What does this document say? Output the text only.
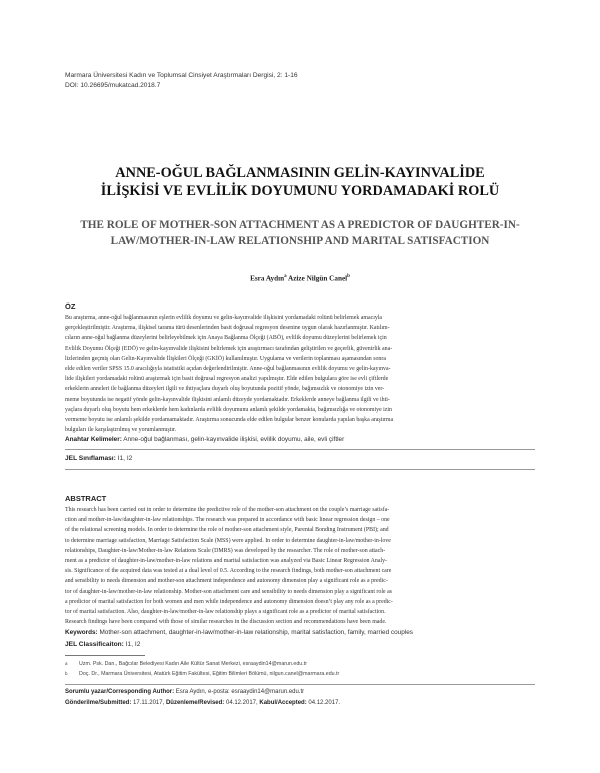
Marmara Üniversitesi Kadın ve Toplumsal Cinsiyet Araştırmaları Dergisi, 2: 1-16
DOI: 10.26695/mukatcad.2018.7
ANNE-OĞUL BAĞLANMASININ GELİN-KAYINVALİDE
İLİŞKİSİ VE EVLİLİK DOYUMUNU YORDAMADAKİ ROLÜ
THE ROLE OF MOTHER-SON ATTACHMENT AS A PREDICTOR OF DAUGHTER-IN-
LAW/MOTHER-IN-LAW RELATIONSHIP AND MARITAL SATISFACTION
Esra Aydın$^a$ Aziz​e Nilgün Canel$^b$
ÖZ
Bu araştırma, anne-oğul bağlanmasının eşlerin evlilik doyumu ve gelin-kayınvalide ilişkisini yordamadaki rolünü belirlemek amacıyla
gerçekleştirilmiştir. Araştırma, ilişkisel tarama türü desenlerinden basit doğrusal regresyon desenine uygun olarak hazırlanmıştır. Katılım-
cıların anne-oğul bağlanma düzeylerini belirleyebilmek için Anaya Bağlanma Ölçeği (ABÖ), evlilik doyumu düzeylerini belirlemek için
Evlilik Doyumu Ölçeği (EDÖ) ve gelin-kayınvalide ilişkisini belirlemek için araştırmacı tarafından geliştirilen ve geçerlik, güvenirlik ana-
lizlerinden geçmiş olan Gelin-Kayınvalide İlişkileri Ölçeği (GKİÖ) kullanılmıştır. Uygulama ve verilerin toplanması aşamasından sonra
elde edilen veriler SPSS 15.0 aracılığıyla istatistiki açıdan değerlendirilmiştir. Anne-oğul bağlanmasının evlilik doyumu ve gelin-kayınva-
lide ilişkileri yordamadaki rolünü araştırmak için basit doğrusal regresyon analizi yapılmıştır. Elde edilen bulgulara göre ise evli çiftlerde
erkeklerin anneleri ile bağlanma düzeyleri ilgili ve ihtiyaçlara duyarlı oluş boyutunda pozitif yönde, bağımsızlık ve otonomiye izin ver-
meme boyutunda ise negatif yönde gelin-kayınvalide ilişkisini anlamlı düzeyde yordamaktadır. Erkeklerde anneye bağlanma ilgili ve ihti-
yaçlara duyarlı oluş boyutu hem erkeklerde hem kadınlarda evlilik doyumunu anlamlı şekilde yordamakta, bağımsızlığa ve otonomiye izin
vermeme boyutu ise anlamlı şekilde yordamamaktadır. Araştırma sonucunda elde edilen bulgular benzer konularda yapılan başka araştırma
bulguları ile karşılaştırılmış ve yorumlanmıştır.
Anahtar Kelimeler: Anne-oğul bağlanması, gelin-kayınvalide ilişkisi, evlilik doyumu, aile, evli çiftler
JEL Sınıflaması: I1, I2
ABSTRACT
This research has been carried out in order to determine the predictive role of the mother-son attachment on the couple’s marriage satisfa-
ction and mother-in-law/daughter-in-law relationships. The research was prepared in accordance with basic linear regression design – one
of the relational screening models. In order to determine the role of mother-son attachment style, Parental Bonding Instrument (PBI); and
to determine marriage satisfaction, Marriage Satisfaction Scale (MSS) were applied. In order to determine daughter-in-law/mother-in-love
relationships, Daughter-in-law/Mother-in-law Relations Scale (DMRS) was developed by the researcher. The role of mother-son attach-
ment as a predictor of daughter-in-law/mother-in-law relations and marital satisfaction was analyzed via Basic Linear Regression Analy-
sis. Significance of the acquired data was tested at a dual level of 0.5. According to the research findings, both mother-son attachment care
and sensibility to needs dimension and mother-son attachment independence and autonomy dimension play a significant role as a predic-
tor of daughter-in-law/mother-in-law relationship. Mother-son attachment care and sensibility to needs dimension play a significant role as
a predictor of marital satisfaction for both women and men while independence and autonomy dimension doesn’t play any role as a predic-
tor of marital satisfaction. Also, daughter-in-law/mother-in-law relationship plays a significant role as a predictor of marital satisfaction.
Research findings have been compared with those of similar researches in the discussion section and recommendations have been made.
Keywords: Mother-son attachment, daughter-in-law/mother-in-law relationship, marital satisfaction, family, married couples
JEL Classificaiton: I1, I2
a Uzm. Psk. Dan., Bağcılar Belediyesi Kadın Aile Kültür Sanat Merkezi, esraaydin14@marun.edu.tr
b Doç. Dr., Marmara Üniversitesi, Atatürk Eğitim Fakültesi, Eğitim Bilimleri Bölümü, nilgun.canel@marmara.edu.tr
Sorumlu yazar/Corresponding Author: Esra Aydın, e-posta: esraaydin14@marun.edu.tr
Gönderilme/Submitted: 17.11.2017, Düzenleme/Revised: 04.12.2017, Kabul/Accepted: 04.12.2017.
